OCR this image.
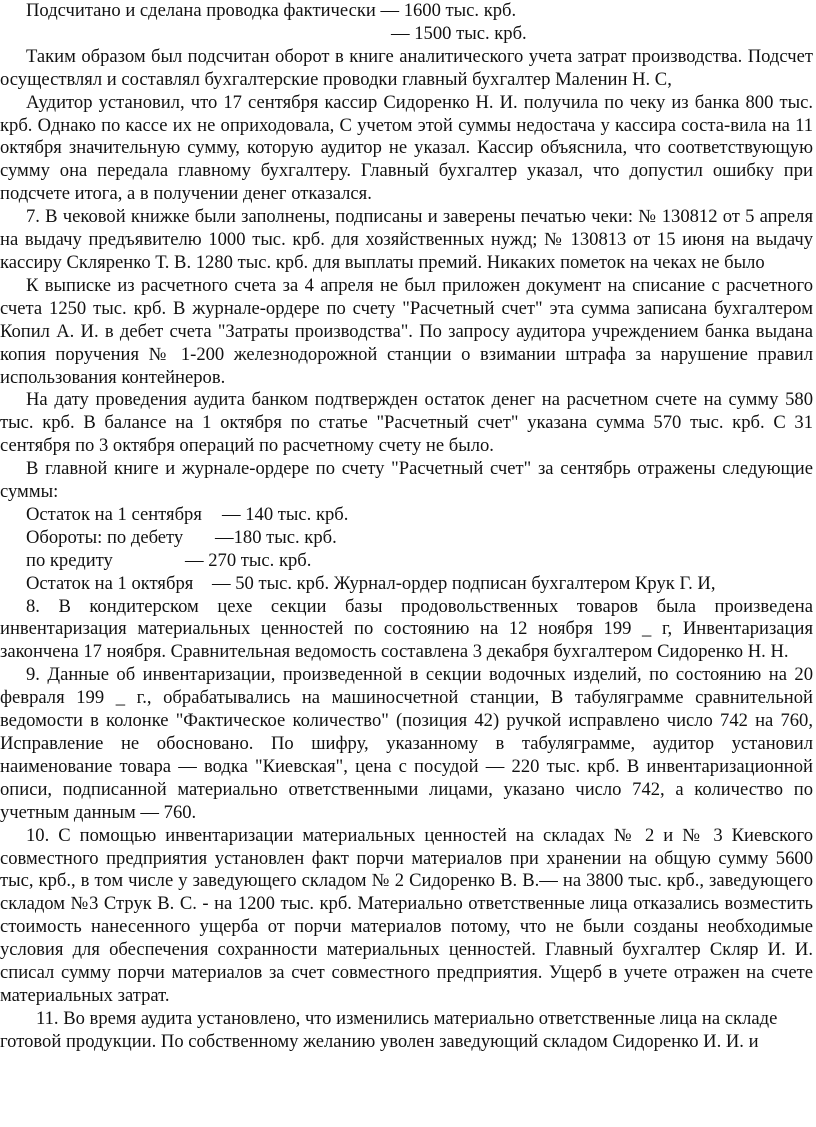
Подсчитано и сделана проводка фактически — 1600 тыс. крб.

— 1500 тыс. крб.

Таким образом был подсчитан оборот в книге аналитического учета затрат производства. Подсчет осуществлял и составлял бухгалтерские проводки главный бухгалтер Маленин Н. С,

Аудитор установил, что 17 сентября кассир Сидоренко Н. И. получила по чеку из банка 800 тыс. крб. Однако по кассе их не оприходовала, С учетом этой суммы недостача у кассира соста-вила на 11 октября значительную сумму, которую аудитор не указал. Кассир объяснила, что соответствующую сумму она передала главному бухгалтеру. Главный бухгалтер указал, что допустил ошибку при подсчете итога, а в получении денег отказался.

7. В чековой книжке были заполнены, подписаны и заверены печатью чеки: № 130812 от 5 апреля на выдачу предъявителю 1000 тыс. крб. для хозяйственных нужд; № 130813 от 15 июня на выдачу кассиру Скляренко Т. В. 1280 тыс. крб. для выплаты премий. Никаких пометок на чеках не было

К выписке из расчетного счета за 4 апреля не был приложен документ на списание с расчетного счета 1250 тыс. крб. В журнале-ордере по счету "Расчетный счет" эта сумма записана бухгалтером Копил А. И. в дебет счета "Затраты производства". По запросу аудитора учреждением банка выдана копия поручения № 1-200 железнодорожной станции о взимании штрафа за нарушение правил использования контейнеров.

На дату проведения аудита банком подтвержден остаток денег на расчетном счете на сумму 580 тыс. крб. В балансе на 1 октября по статье "Расчетный счет" указана сумма 570 тыс. крб. С 31 сентября по 3 октября операций по расчетному счету не было.

В главной книге и журнале-ордере по счету "Расчетный счет" за сентябрь отражены следующие суммы:

Остаток на 1 сентября	— 140 тыс. крб.
Обороты: по дебету	—180 тыс. крб.
по кредиту	— 270 тыс. крб.
Остаток на 1 октября	— 50 тыс. крб. Журнал-ордер подписан бухгалтером Крук Г. И,

8. В кондитерском цехе секции базы продовольственных товаров была произведена инвентаризация материальных ценностей по состоянию на 12 ноября 199 _ г, Инвентаризация закончена 17 ноября. Сравнительная ведомость составлена 3 декабря бухгалтером Сидоренко Н. Н.

9. Данные об инвентаризации, произведенной в секции водочных изделий, по состоянию на 20 февраля 199 _ г., обрабатывались на машиносчетной станции, В табуляграмме сравнительной ведомости в колонке "Фактическое количество" (позиция 42) ручкой исправлено число 742 на 760, Исправление не обосновано. По шифру, указанному в табуляграмме, аудитор установил наименование товара — водка "Киевская", цена с посудой — 220 тыс. крб. В инвентаризационной описи, подписанной материально ответственными лицами, указано число 742, а количество по учетным данным — 760.

10. С помощью инвентаризации материальных ценностей на складах № 2 и № 3 Киевского совместного предприятия установлен факт порчи материалов при хранении на общую сумму 5600 тыс, крб., в том числе у заведующего складом № 2 Сидоренко В. В.— на 3800 тыс. крб., заведующего складом №3 Струк В. С. - на 1200 тыс. крб. Материально ответственные лица отказались возместить стоимость нанесенного ущерба от порчи материалов потому, что не были созданы необходимые условия для обеспечения сохранности материальных ценностей. Главный бухгалтер Скляр И. И. списал сумму порчи материалов за счет совместного предприятия. Ущерб в учете отражен на счете материальных затрат.

11. Во время аудита установлено, что изменились материально ответственные лица на складе готовой продукции. По собственному желанию уволен заведующий складом Сидоренко И. И. и
